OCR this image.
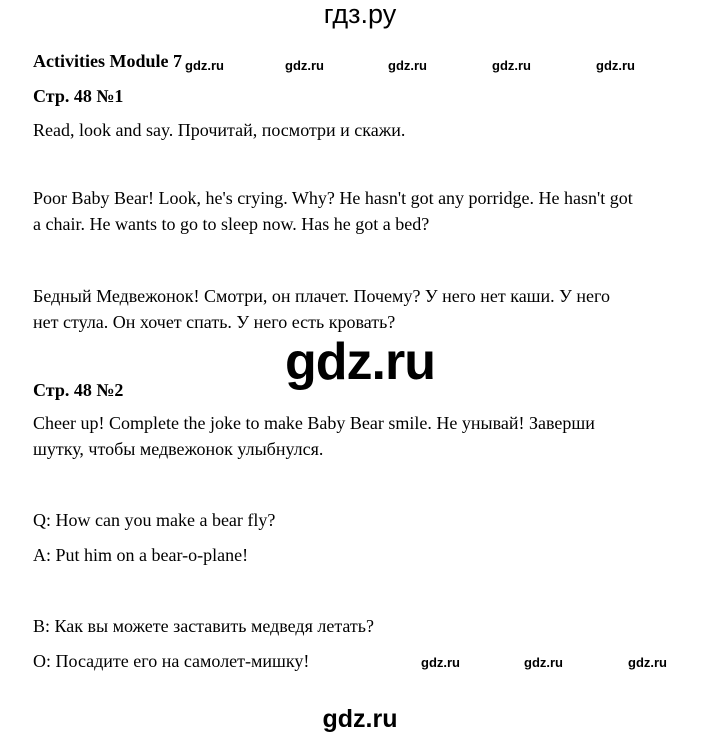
гдз.ру
Activities Module 7 gdz.ru	gdz.ru	gdz.ru	gdz.ru	gdz.ru
Стр. 48 №1
Read, look and say. Прочитай, посмотри и скажи.
Poor Baby Bear! Look, he's crying. Why? He hasn't got any porridge. He hasn't got
a chair. He wants to go to sleep now. Has he got a bed?
Бедный Медвежонок! Смотри, он плачет. Почему? У него нет каши. У него
нет стула. Он хочет спать. У него есть кровать?
gdz.ru
Стр. 48 №2
Cheer up! Complete the joke to make Baby Bear smile. Не унывай! Заверши
шутку, чтобы медвежонок улыбнулся.
Q: How can you make a bear fly?
A: Put him on a bear-o-plane!
В: Как вы можете заставить медведя летать?
О: Посадите его на самолет-мишку!	gdz.ru	gdz.ru	gdz.ru
gdz.ru
